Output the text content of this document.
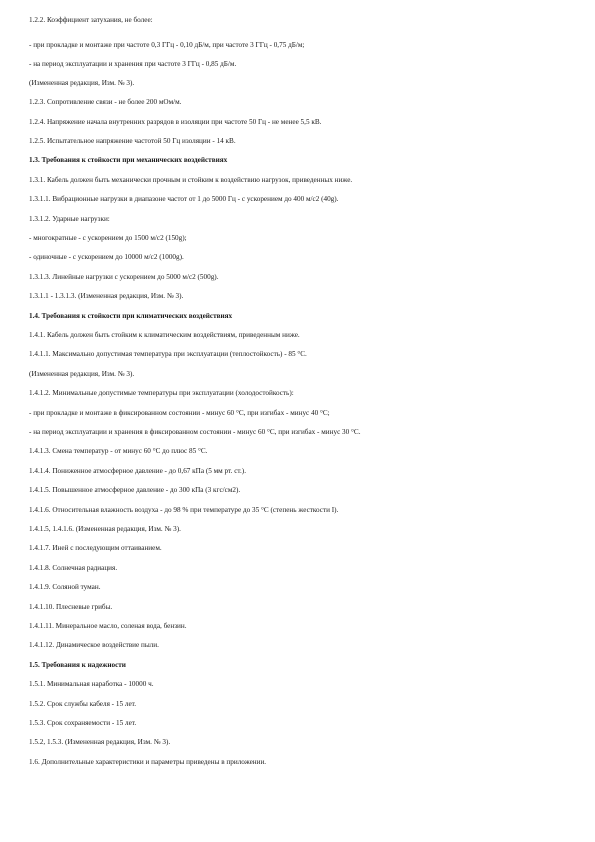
1.2.2. Коэффициент затухания, не более:
- при прокладке и монтаже при частоте 0,3 ГГц - 0,10 дБ/м, при частоте 3 ГГц - 0,75 дБ/м;
- на период эксплуатации и хранения при частоте 3 ГГц - 0,85 дБ/м.
(Измененная редакция, Изм. № 3).
1.2.3. Сопротивление связи - не более 200 мОм/м.
1.2.4. Напряжение начала внутренних разрядов в изоляции при частоте 50 Гц - не менее 5,5 кВ.
1.2.5. Испытательное напряжение частотой 50 Гц изоляции - 14 кВ.
1.3. Требования к стойкости при механических воздействиях
1.3.1. Кабель должен быть механически прочным и стойким к воздействию нагрузок, приведенных ниже.
1.3.1.1. Вибрационные нагрузки в диапазоне частот от 1 до 5000 Гц - с ускорением до 400 м/с2 (40g).
1.3.1.2. Ударные нагрузки:
- многократные - с ускорением до 1500 м/с2 (150g);
- одиночные - с ускорением до 10000 м/с2 (1000g).
1.3.1.3. Линейные нагрузки с ускорением до 5000 м/с2 (500g).
1.3.1.1 - 1.3.1.3. (Измененная редакция, Изм. № 3).
1.4. Требования к стойкости при климатических воздействиях
1.4.1. Кабель должен быть стойким к климатическим воздействиям, приведенным ниже.
1.4.1.1. Максимально допустимая температура при эксплуатации (теплостойкость) - 85 °С.
(Измененная редакция, Изм. № 3).
1.4.1.2. Минимальные допустимые температуры при эксплуатации (холодостойкость):
- при прокладке и монтаже в фиксированном состоянии - минус 60 °С, при изгибах - минус 40 °С;
- на период эксплуатации и хранения в фиксированном состоянии - минус 60 °С, при изгибах - минус 30 °С.
1.4.1.3. Смена температур - от минус 60 °С до плюс 85 °С.
1.4.1.4. Пониженное атмосферное давление - до 0,67 кПа (5 мм рт. ст.).
1.4.1.5. Повышенное атмосферное давление - до 300 кПа (3 кгс/см2).
1.4.1.6. Относительная влажность воздуха - до 98 % при температуре до 35 °С (степень жесткости I).
1.4.1.5, 1.4.1.6. (Измененная редакция, Изм. № 3).
1.4.1.7. Иней с последующим оттаиванием.
1.4.1.8. Солнечная радиация.
1.4.1.9. Соляной туман.
1.4.1.10. Плесневые грибы.
1.4.1.11. Минеральное масло, соленая вода, бензин.
1.4.1.12. Динамическое воздействие пыли.
1.5. Требования к надежности
1.5.1. Минимальная наработка - 10000 ч.
1.5.2. Срок службы кабеля - 15 лет.
1.5.3. Срок сохраняемости - 15 лет.
1.5.2, 1.5.3. (Измененная редакция, Изм. № 3).
1.6. Дополнительные характеристики и параметры приведены в приложении.
